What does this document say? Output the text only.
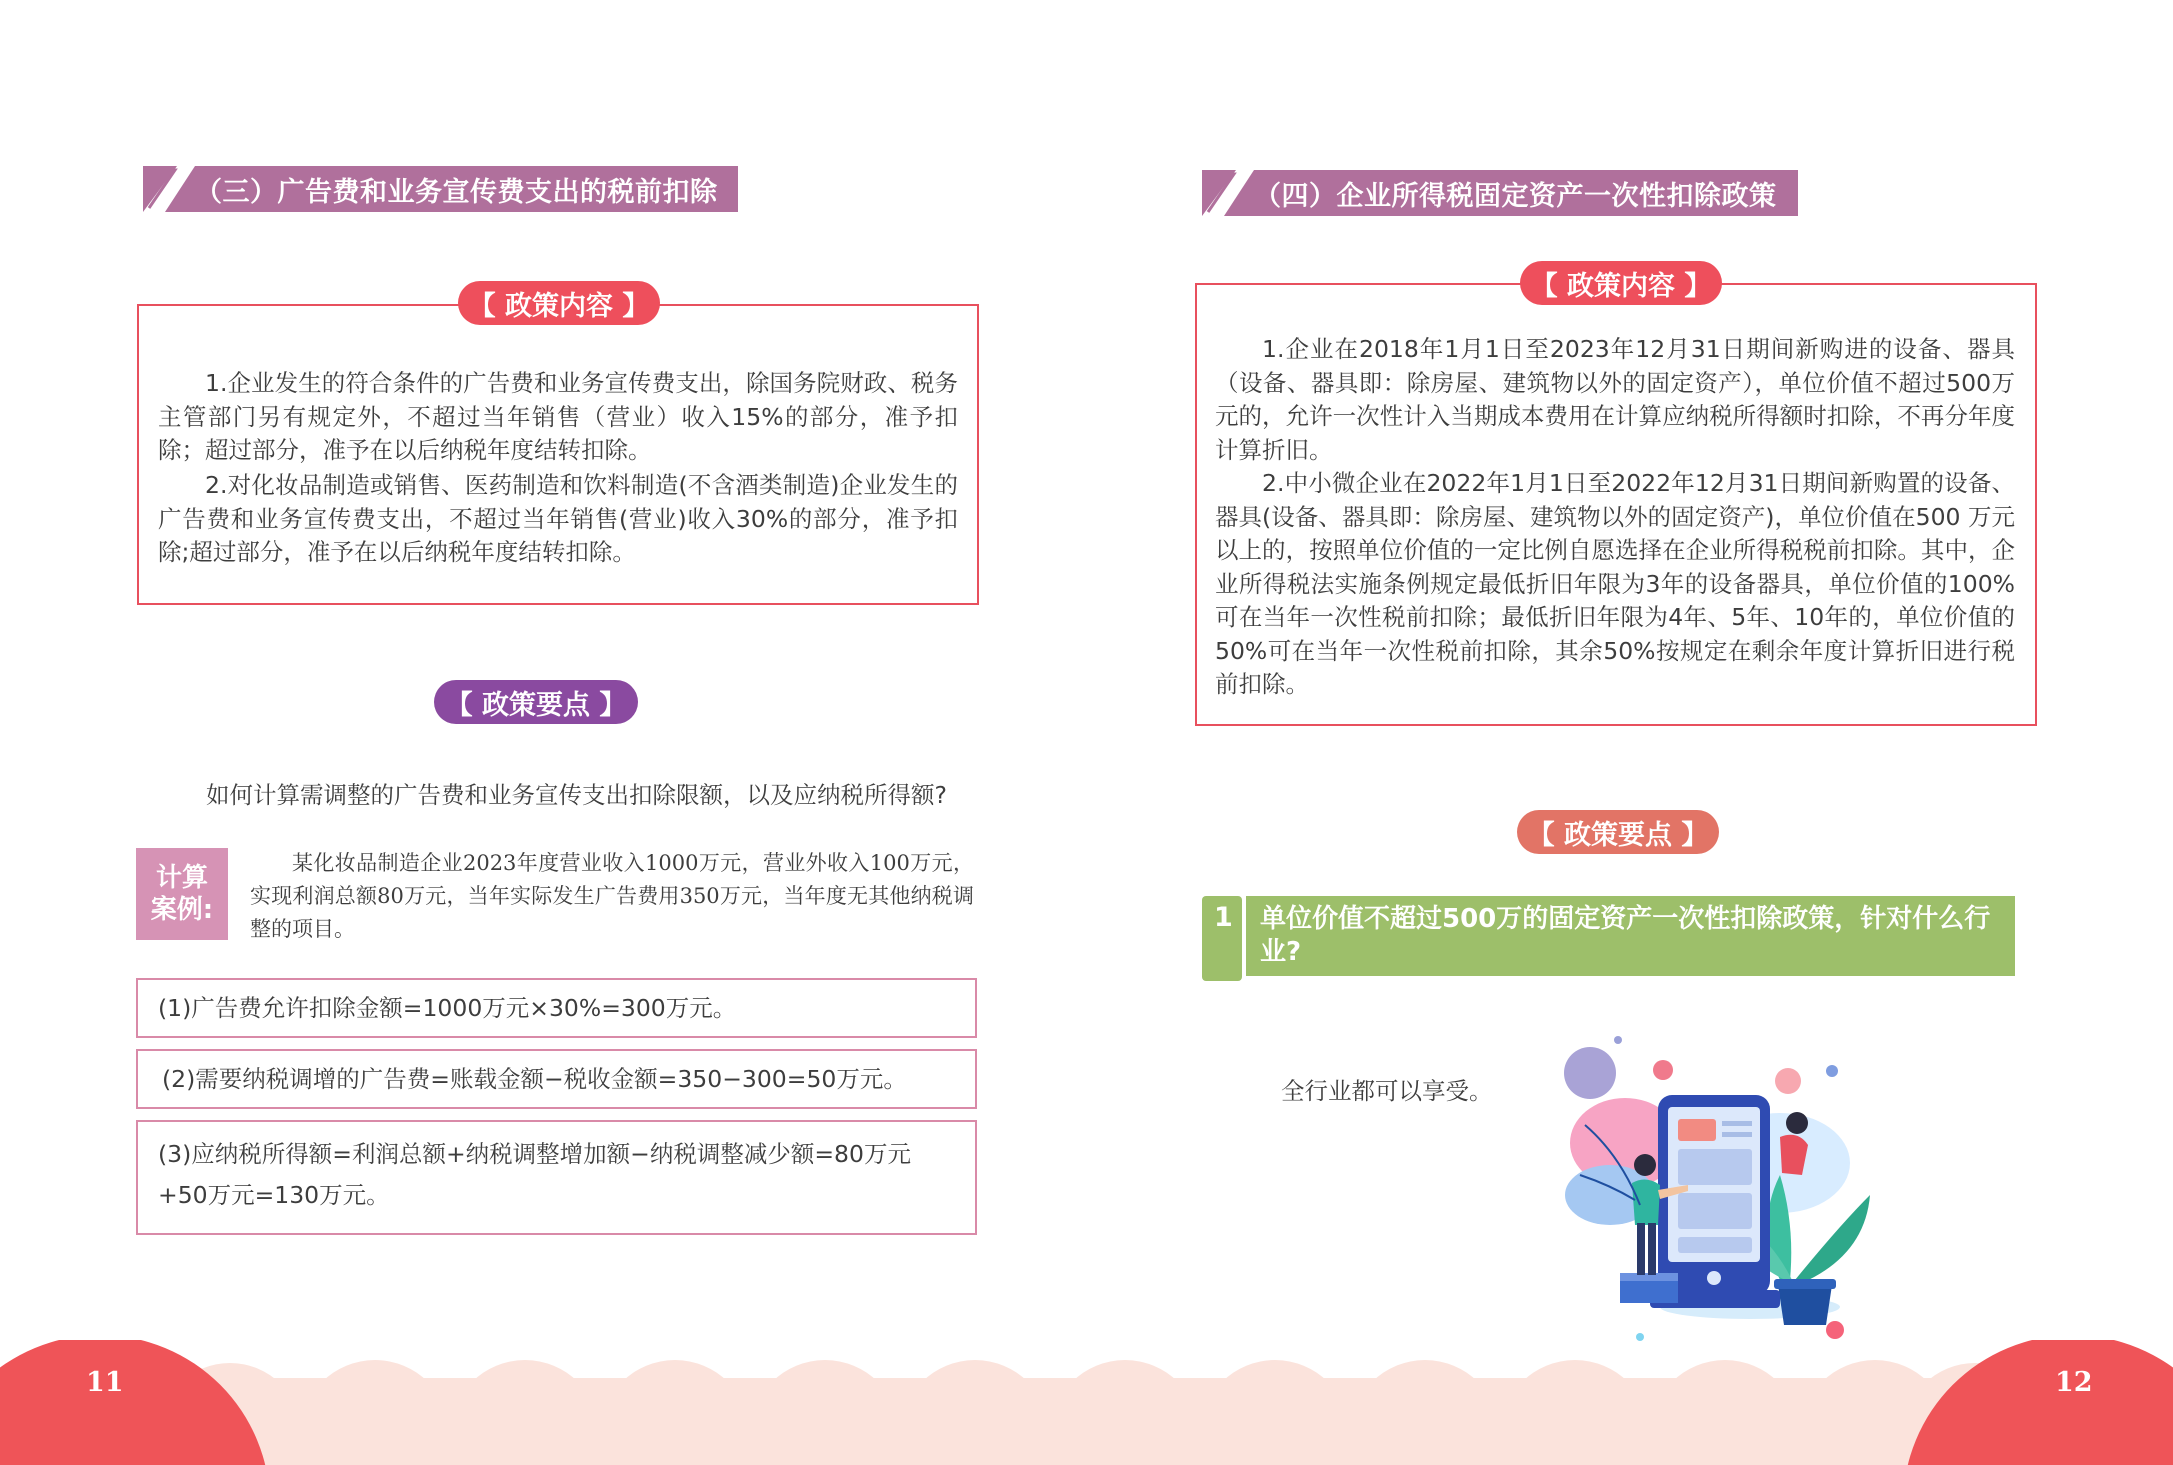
11	12
（三）广告费和业务宣传费支出的税前扣除
【 政策内容 】

1.企业发生的符合条件的广告费和业务宣传费支出，除国务院财政、税务主管部门另有规定外，不超过当年销售（营业）收入15%的部分，准予扣除；超过部分，准予在以后纳税年度结转扣除。

2.对化妆品制造或销售、医药制造和饮料制造(不含酒类制造)企业发生的广告费和业务宣传费支出，不超过当年销售(营业)收入30%的部分，准予扣除;超过部分，准予在以后纳税年度结转扣除。

【 政策要点 】

如何计算需调整的广告费和业务宣传支出扣除限额，以及应纳税所得额?

计算案例:

某化妆品制造企业2023年度营业收入1000万元，营业外收入100万元，实现利润总额80万元，当年实际发生广告费用350万元，当年度无其他纳税调整的项目。

(1)广告费允许扣除金额=1000万元×30%=300万元。
(2)需要纳税调增的广告费=账载金额−税收金额=350−300=50万元。
(3)应纳税所得额=利润总额+纳税调整增加额−纳税调整减少额=80万元+50万元=130万元。
（四）企业所得税固定资产一次性扣除政策
【 政策内容 】

1.企业在2018年1月1日至2023年12月31日期间新购进的设备、器具（设备、器具即：除房屋、建筑物以外的固定资产），单位价值不超过500万元的，允许一次性计入当期成本费用在计算应纳税所得额时扣除，不再分年度计算折旧。

2.中小微企业在2022年1月1日至2022年12月31日期间新购置的设备、器具(设备、器具即：除房屋、建筑物以外的固定资产)，单位价值在500 万元以上的，按照单位价值的一定比例自愿选择在企业所得税税前扣除。其中，企业所得税法实施条例规定最低折旧年限为3年的设备器具，单位价值的100%可在当年一次性税前扣除；最低折旧年限为4年、5年、10年的，单位价值的50%可在当年一次性税前扣除，其余50%按规定在剩余年度计算折旧进行税前扣除。

【 政策要点 】
1 单位价值不超过500万的固定资产一次性扣除政策，针对什么行业?

全行业都可以享受。
